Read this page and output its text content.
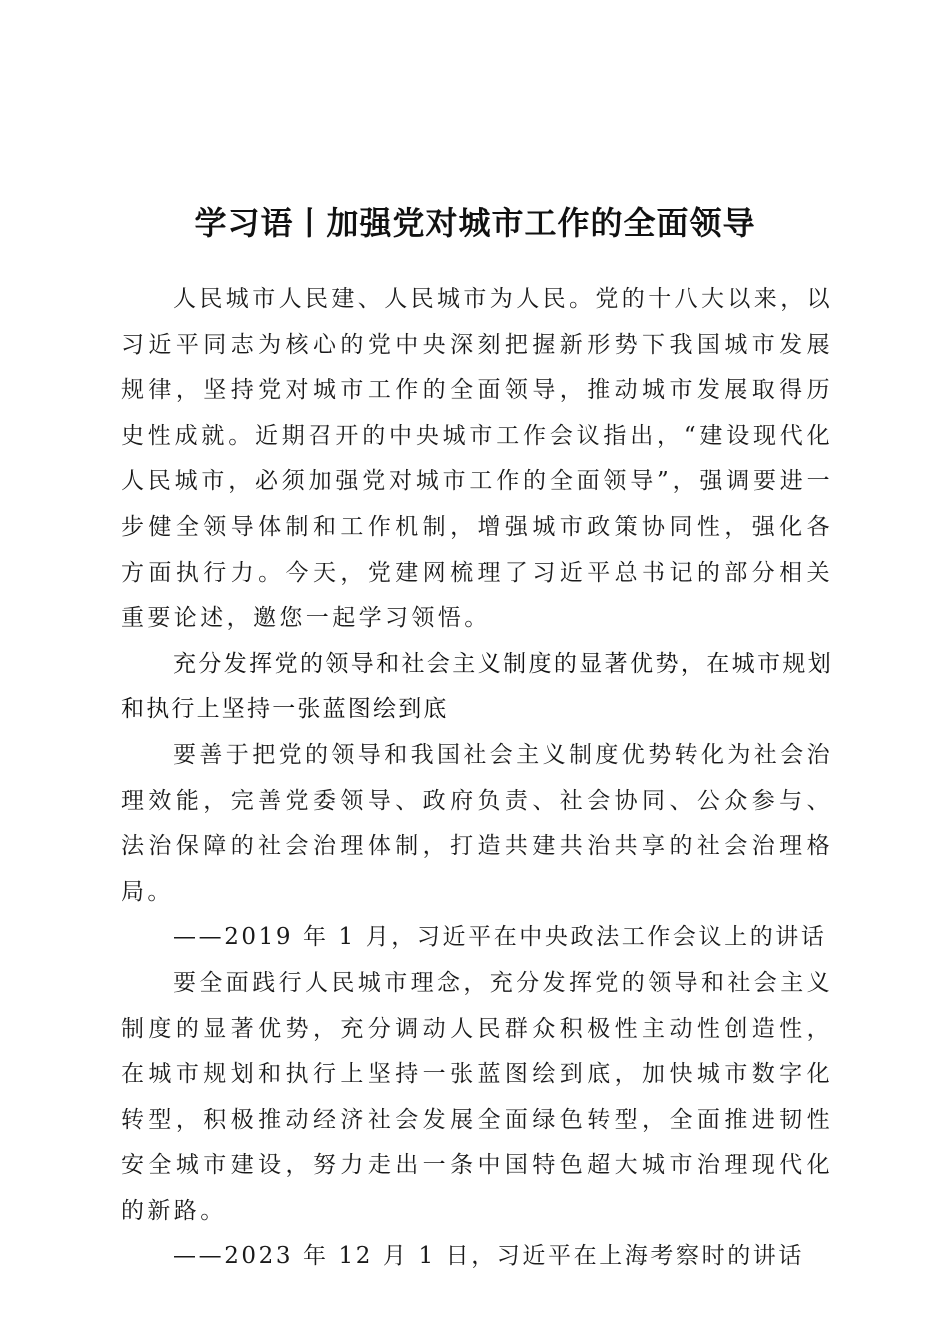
学习语丨加强党对城市工作的全面领导

人民城市人民建、人民城市为人民。党的十八大以来，以习近平同志为核心的党中央深刻把握新形势下我国城市发展规律，坚持党对城市工作的全面领导，推动城市发展取得历史性成就。近期召开的中央城市工作会议指出，“建设现代化人民城市，必须加强党对城市工作的全面领导”，强调要进一步健全领导体制和工作机制，增强城市政策协同性，强化各方面执行力。今天，党建网梳理了习近平总书记的部分相关重要论述，邀您一起学习领悟。

充分发挥党的领导和社会主义制度的显著优势，在城市规划和执行上坚持一张蓝图绘到底

要善于把党的领导和我国社会主义制度优势转化为社会治理效能，完善党委领导、政府负责、社会协同、公众参与、法治保障的社会治理体制，打造共建共治共享的社会治理格局。

——2019 年 1 月，习近平在中央政法工作会议上的讲话

要全面践行人民城市理念，充分发挥党的领导和社会主义制度的显著优势，充分调动人民群众积极性主动性创造性，在城市规划和执行上坚持一张蓝图绘到底，加快城市数字化转型，积极推动经济社会发展全面绿色转型，全面推进韧性安全城市建设，努力走出一条中国特色超大城市治理现代化的新路。

——2023 年 12 月 1 日，习近平在上海考察时的讲话
